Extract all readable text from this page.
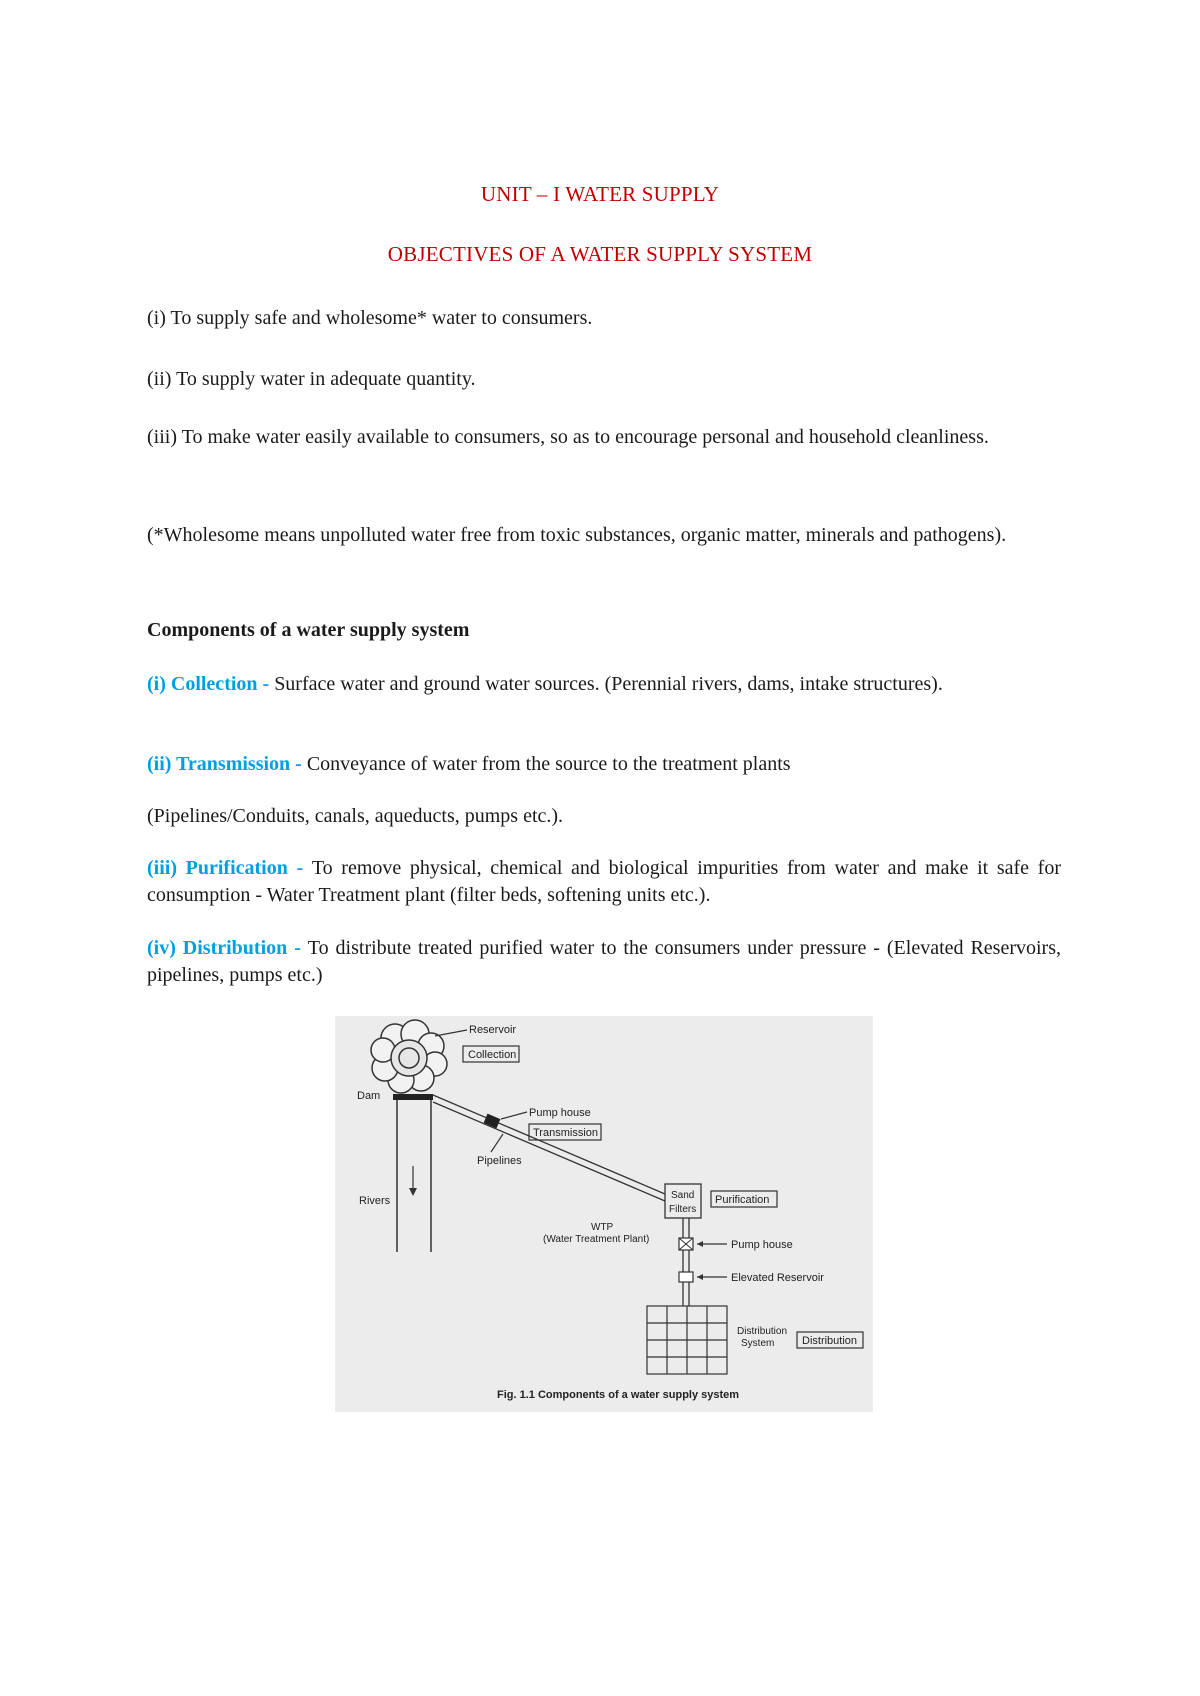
UNIT – I WATER SUPPLY
OBJECTIVES OF A WATER SUPPLY SYSTEM
(i) To supply safe and wholesome* water to consumers.
(ii) To supply water in adequate quantity.
(iii) To make water easily available to consumers, so as to encourage personal and household cleanliness.
(*Wholesome means unpolluted water free from toxic substances, organic matter, minerals and pathogens).
Components of a water supply system
(i) Collection - Surface water and ground water sources. (Perennial rivers, dams, intake structures).
(ii) Transmission - Conveyance of water from the source to the treatment plants
(Pipelines/Conduits, canals, aqueducts, pumps etc.).
(iii) Purification - To remove physical, chemical and biological impurities from water and make it safe for consumption - Water Treatment plant (filter beds, softening units etc.).
(iv) Distribution - To distribute treated purified water to the consumers under pressure - (Elevated Reservoirs, pipelines, pumps etc.)
Reservoir
Collection
Dam
Rivers
Pump house
Transmission
Pipelines
Sand
Filters
Purification
WTP
(Water Treatment Plant)	Pump house
Elevated Reservoir
Distribution
System	Distribution
Fig. 1.1 Components of a water supply system
